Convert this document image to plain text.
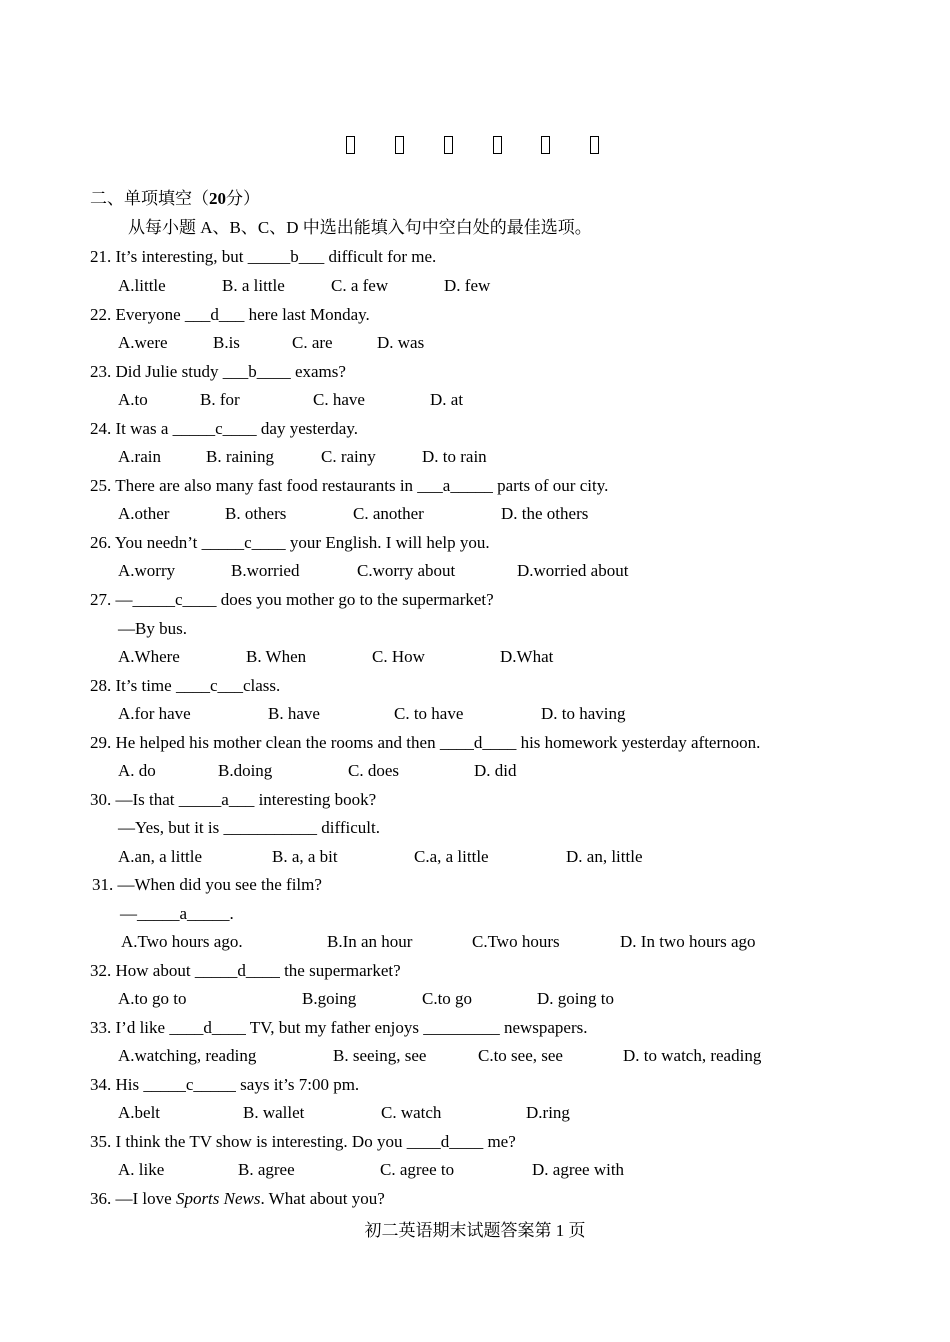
二、单项填空（20分）
从每小题 A、B、C、D 中选出能填入句中空白处的最佳选项。
21. It’s interesting, but _____b___ difficult for me.
A.little	B. a little	C. a few	D. few
22. Everyone ___d___ here last Monday.
A.were	B.is	C. are	D. was
23. Did Julie study ___b____ exams?
A.to	B. for	C. have	D. at
24. It was a _____c____ day yesterday.
A.rain	B. raining	C. rainy	D. to rain
25. There are also many fast food restaurants in ___a_____ parts of our city.
A.other	B. others	C. another	D. the others
26. You needn’t _____c____ your English. I will help you.
A.worry	B.worried	C.worry about	D.worried about
27. —_____c____ does you mother go to the supermarket?
—By bus.
A.Where	B. When	C. How	D.What
28. It’s time ____c___class.
A.for have	B. have	C. to have	D. to having
29. He helped his mother clean the rooms and then ____d____ his homework yesterday afternoon.
A. do	B.doing	C. does	D. did
30. —Is that _____a___ interesting book?
—Yes, but it is ___________ difficult.
A.an, a little	B. a, a bit	C.a, a little	D. an, little
31. —When did you see the film?
—_____a_____.
A.Two hours ago.	B.In an hour	C.Two hours	D. In two hours ago
32. How about _____d____ the supermarket?
A.to go to	B.going	C.to go	D. going to
33. I’d like ____d____ TV, but my father enjoys _________ newspapers.
A.watching, reading	B. seeing, see	C.to see, see	D. to watch, reading
34. His _____c_____ says it’s 7:00 pm.
A.belt	B. wallet	C. watch	D.ring
35. I think the TV show is interesting. Do you ____d____ me?
A. like	B. agree	C. agree to	D. agree with
36. —I love Sports News. What about you?
初二英语期末试题答案第 1 页
